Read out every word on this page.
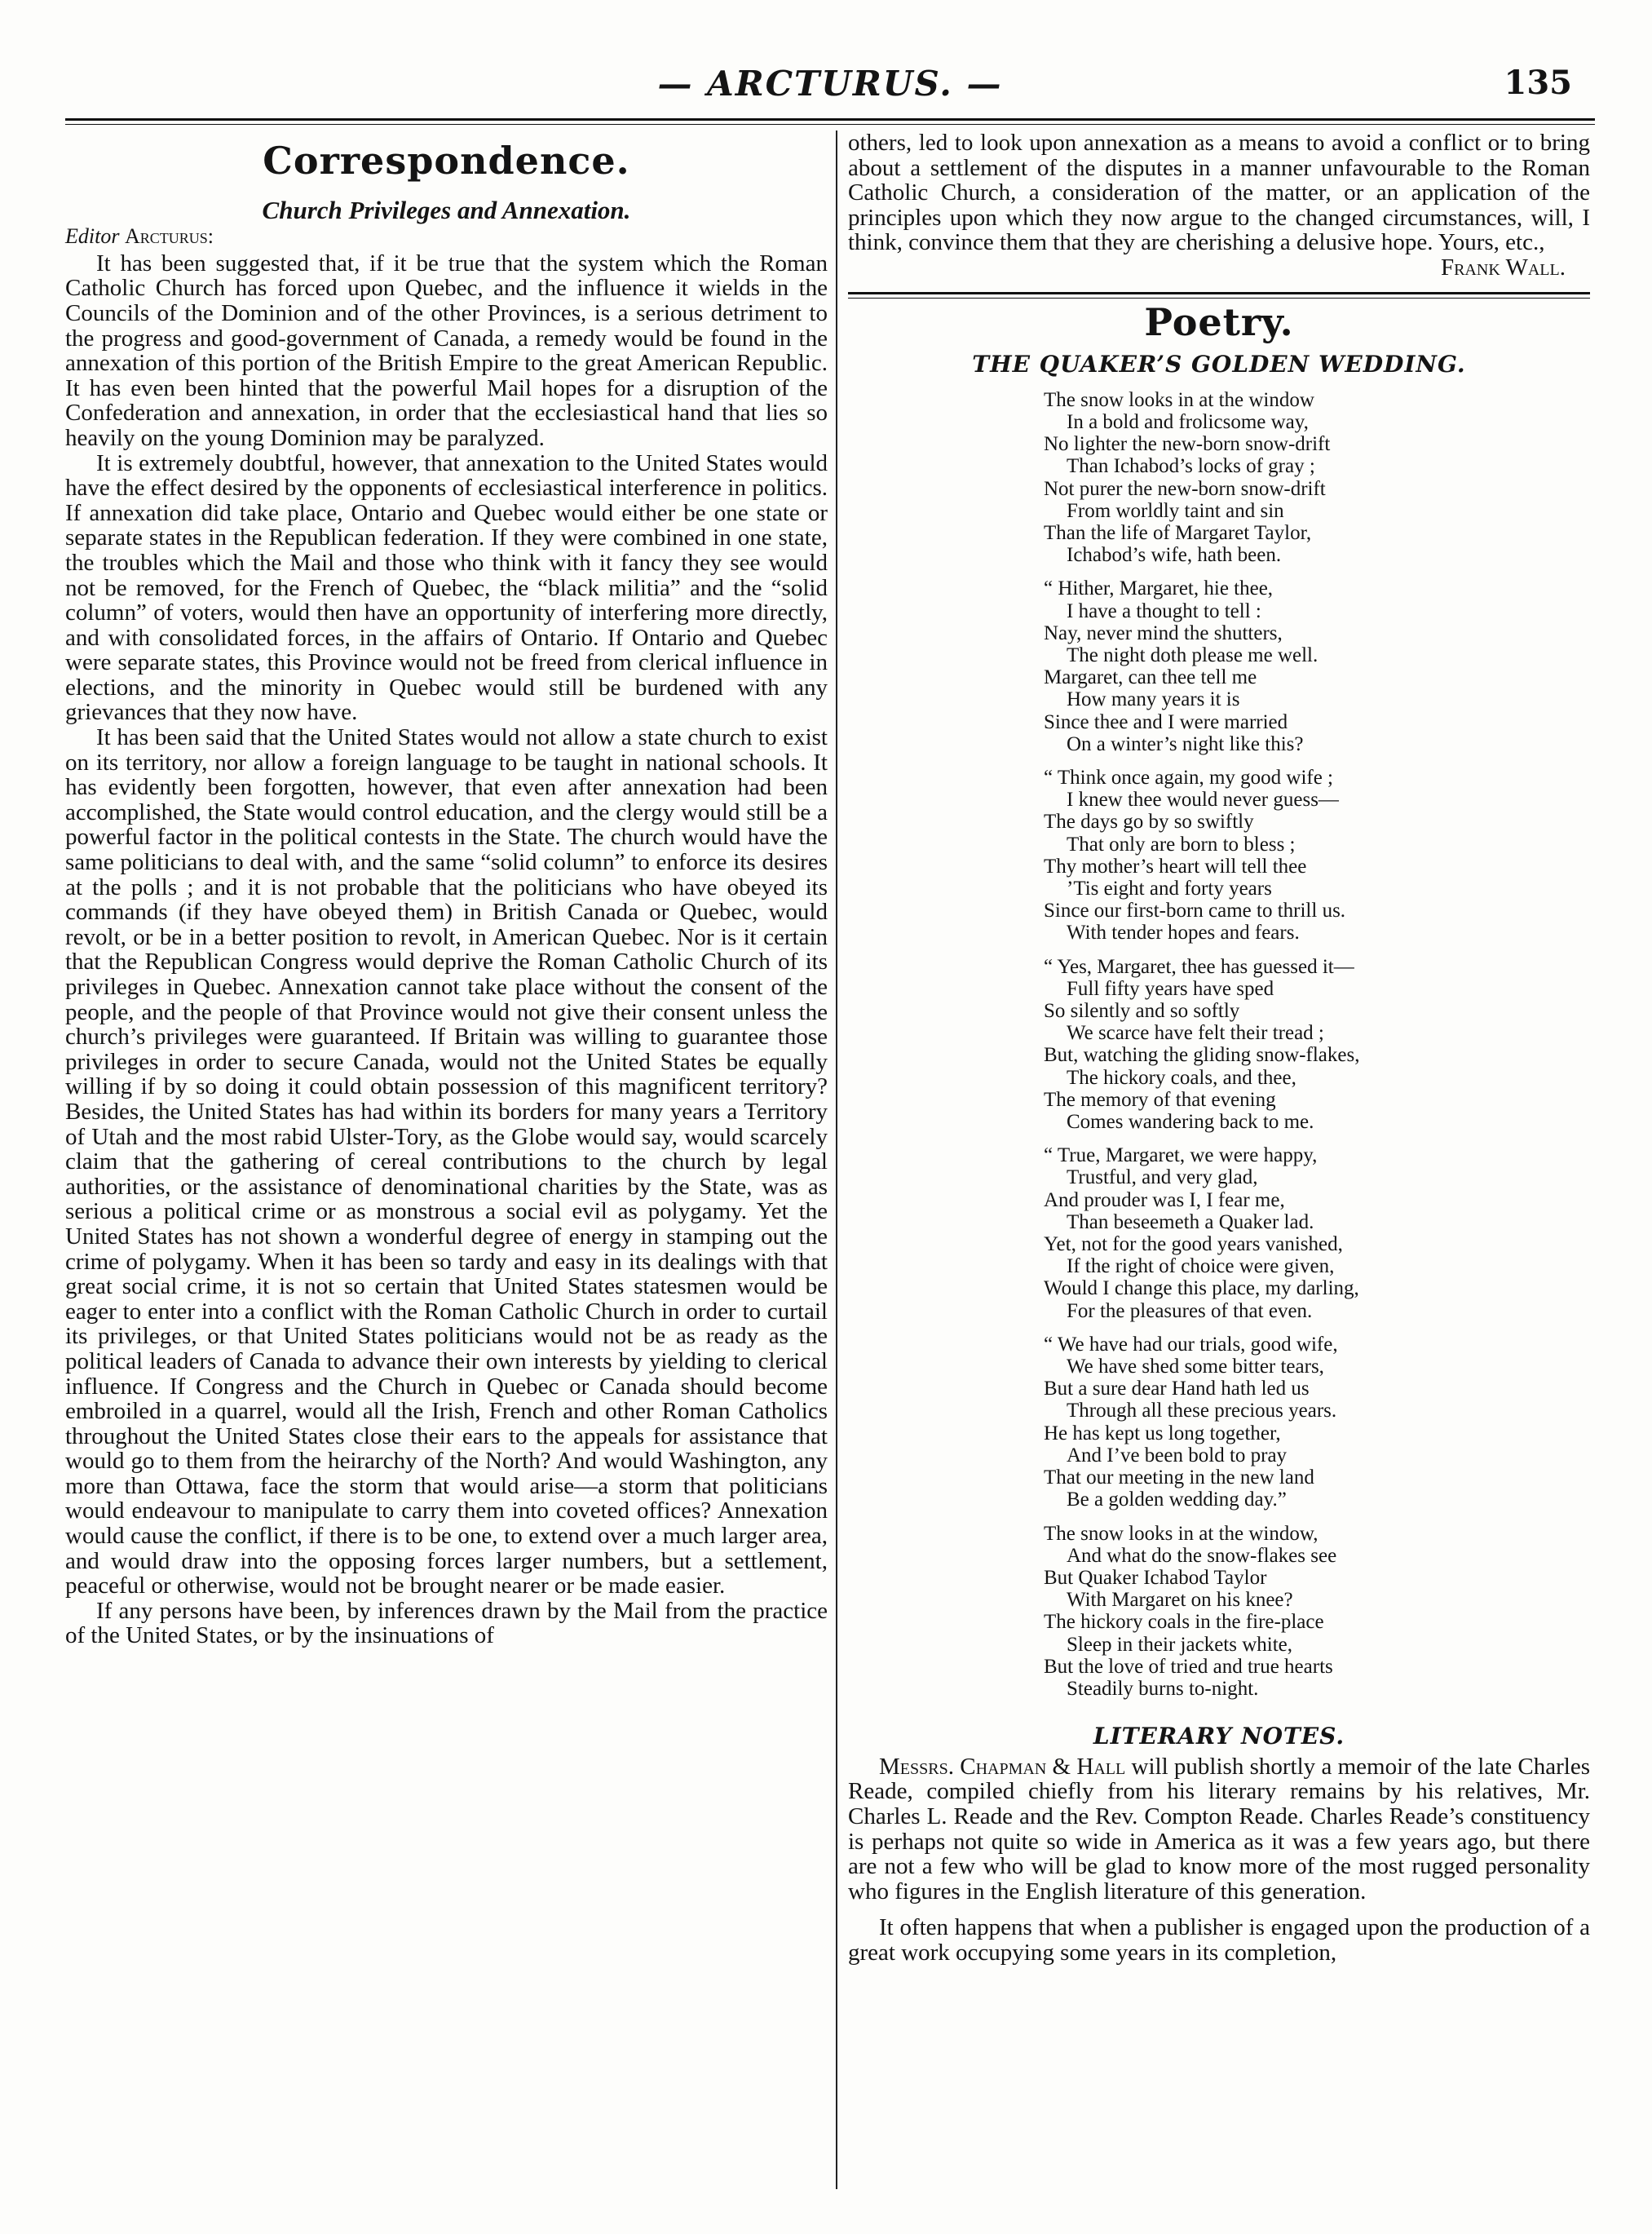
— ARCTURUS. —	135
Correspondence.
Church Privileges and Annexation.
Editor Arcturus:

It has been suggested that, if it be true that the system which the Roman Catholic Church has forced upon Quebec, and the influence it wields in the Councils of the Dominion and of the other Provinces, is a serious detriment to the progress and good-government of Canada, a remedy would be found in the annexation of this portion of the British Empire to the great American Republic. It has even been hinted that the powerful Mail hopes for a disruption of the Confederation and annexation, in order that the ecclesiastical hand that lies so heavily on the young Dominion may be paralyzed.

It is extremely doubtful, however, that annexation to the United States would have the effect desired by the opponents of ecclesiastical interference in politics. If annexation did take place, Ontario and Quebec would either be one state or separate states in the Republican federation. If they were combined in one state, the troubles which the Mail and those who think with it fancy they see would not be removed, for the French of Quebec, the “black militia” and the “solid column” of voters, would then have an opportunity of interfering more directly, and with consolidated forces, in the affairs of Ontario. If Ontario and Quebec were separate states, this Province would not be freed from clerical influence in elections, and the minority in Quebec would still be burdened with any grievances that they now have.

It has been said that the United States would not allow a state church to exist on its territory, nor allow a foreign language to be taught in national schools. It has evidently been forgotten, however, that even after annexation had been accomplished, the State would control education, and the clergy would still be a powerful factor in the political contests in the State. The church would have the same politicians to deal with, and the same “solid column” to enforce its desires at the polls ; and it is not probable that the politicians who have obeyed its commands (if they have obeyed them) in British Canada or Quebec, would revolt, or be in a better position to revolt, in American Quebec. Nor is it certain that the Republican Congress would deprive the Roman Catholic Church of its privileges in Quebec. Annexation cannot take place without the consent of the people, and the people of that Province would not give their consent unless the church’s privileges were guaranteed. If Britain was willing to guarantee those privileges in order to secure Canada, would not the United States be equally willing if by so doing it could obtain possession of this magnificent territory? Besides, the United States has had within its borders for many years a Territory of Utah and the most rabid Ulster-Tory, as the Globe would say, would scarcely claim that the gathering of cereal contributions to the church by legal authorities, or the assistance of denominational charities by the State, was as serious a political crime or as monstrous a social evil as polygamy. Yet the United States has not shown a wonderful degree of energy in stamping out the crime of polygamy. When it has been so tardy and easy in its dealings with that great social crime, it is not so certain that United States statesmen would be eager to enter into a conflict with the Roman Catholic Church in order to curtail its privileges, or that United States politicians would not be as ready as the political leaders of Canada to advance their own interests by yielding to clerical influence. If Congress and the Church in Quebec or Canada should become embroiled in a quarrel, would all the Irish, French and other Roman Catholics throughout the United States close their ears to the appeals for assistance that would go to them from the heirarchy of the North? And would Washington, any more than Ottawa, face the storm that would arise—a storm that politicians would endeavour to manipulate to carry them into coveted offices? Annexation would cause the conflict, if there is to be one, to extend over a much larger area, and would draw into the opposing forces larger numbers, but a settlement, peaceful or otherwise, would not be brought nearer or be made easier.

If any persons have been, by inferences drawn by the Mail from the practice of the United States, or by the insinuations of

others, led to look upon annexation as a means to avoid a conflict or to bring about a settlement of the disputes in a manner unfavourable to the Roman Catholic Church, a consideration of the matter, or an application of the principles upon which they now argue to the changed circumstances, will, I think, convince them that they are cherishing a delusive hope. Yours, etc.,

Frank Wall.
Poetry.
THE QUAKER’S GOLDEN WEDDING.
The snow looks in at the window
In a bold and frolicsome way,
No lighter the new-born snow-drift
Than Ichabod’s locks of gray ;
Not purer the new-born snow-drift
From worldly taint and sin
Than the life of Margaret Taylor,
Ichabod’s wife, hath been.
“ Hither, Margaret, hie thee,
I have a thought to tell :
Nay, never mind the shutters,
The night doth please me well.
Margaret, can thee tell me
How many years it is
Since thee and I were married
On a winter’s night like this?
“ Think once again, my good wife ;
I knew thee would never guess—
The days go by so swiftly
That only are born to bless ;
Thy mother’s heart will tell thee
’Tis eight and forty years
Since our first-born came to thrill us.
With tender hopes and fears.
“ Yes, Margaret, thee has guessed it—
Full fifty years have sped
So silently and so softly
We scarce have felt their tread ;
But, watching the gliding snow-flakes,
The hickory coals, and thee,
The memory of that evening
Comes wandering back to me.
“ True, Margaret, we were happy,
Trustful, and very glad,
And prouder was I, I fear me,
Than beseemeth a Quaker lad.
Yet, not for the good years vanished,
If the right of choice were given,
Would I change this place, my darling,
For the pleasures of that even.
“ We have had our trials, good wife,
We have shed some bitter tears,
But a sure dear Hand hath led us
Through all these precious years.
He has kept us long together,
And I’ve been bold to pray
That our meeting in the new land
Be a golden wedding day.”
The snow looks in at the window,
And what do the snow-flakes see
But Quaker Ichabod Taylor
With Margaret on his knee?
The hickory coals in the fire-place
Sleep in their jackets white,
But the love of tried and true hearts
Steadily burns to-night.
LITERARY NOTES.

Messrs. Chapman & Hall will publish shortly a memoir of the late Charles Reade, compiled chiefly from his literary remains by his relatives, Mr. Charles L. Reade and the Rev. Compton Reade. Charles Reade’s constituency is perhaps not quite so wide in America as it was a few years ago, but there are not a few who will be glad to know more of the most rugged personality who figures in the English literature of this generation.

It often happens that when a publisher is engaged upon the production of a great work occupying some years in its completion,
